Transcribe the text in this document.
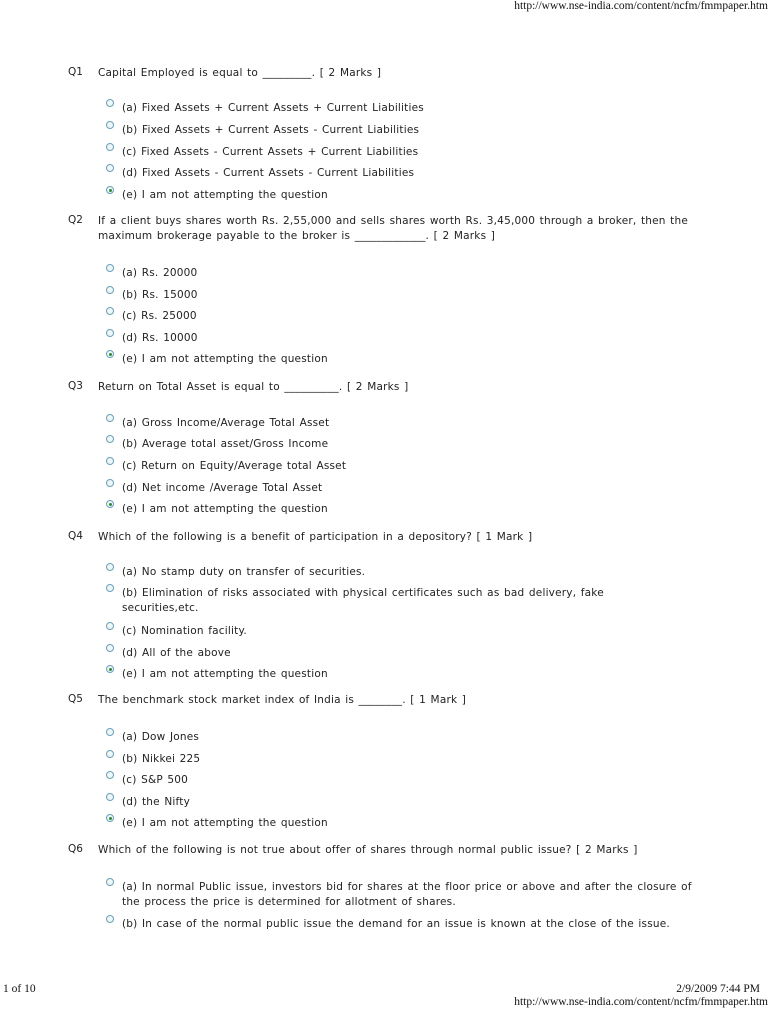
http://www.nse-india.com/content/ncfm/fmmpaper.htm
Q1 Capital Employed is equal to _________. [ 2 Marks ]
(a) Fixed Assets + Current Assets + Current Liabilities
(b) Fixed Assets + Current Assets - Current Liabilities
(c) Fixed Assets - Current Assets + Current Liabilities
(d) Fixed Assets - Current Assets - Current Liabilities
(e) I am not attempting the question
Q2 If a client buys shares worth Rs. 2,55,000 and sells shares worth Rs. 3,45,000 through a broker, then the maximum brokerage payable to the broker is _____________. [ 2 Marks ]
(a) Rs. 20000
(b) Rs. 15000
(c) Rs. 25000
(d) Rs. 10000
(e) I am not attempting the question
Q3 Return on Total Asset is equal to __________. [ 2 Marks ]
(a) Gross Income/Average Total Asset
(b) Average total asset/Gross Income
(c) Return on Equity/Average total Asset
(d) Net income /Average Total Asset
(e) I am not attempting the question
Q4 Which of the following is a benefit of participation in a depository? [ 1 Mark ]
(a) No stamp duty on transfer of securities.
(b) Elimination of risks associated with physical certificates such as bad delivery, fake securities,etc.
(c) Nomination facility.
(d) All of the above
(e) I am not attempting the question
Q5 The benchmark stock market index of India is ________. [ 1 Mark ]
(a) Dow Jones
(b) Nikkei 225
(c) S&P 500
(d) the Nifty
(e) I am not attempting the question
Q6 Which of the following is not true about offer of shares through normal public issue? [ 2 Marks ]
(a) In normal Public issue, investors bid for shares at the floor price or above and after the closure of the process the price is determined for allotment of shares.
(b) In case of the normal public issue the demand for an issue is known at the close of the issue.
1 of 10	2/9/2009 7:44 PM
http://www.nse-india.com/content/ncfm/fmmpaper.htm
